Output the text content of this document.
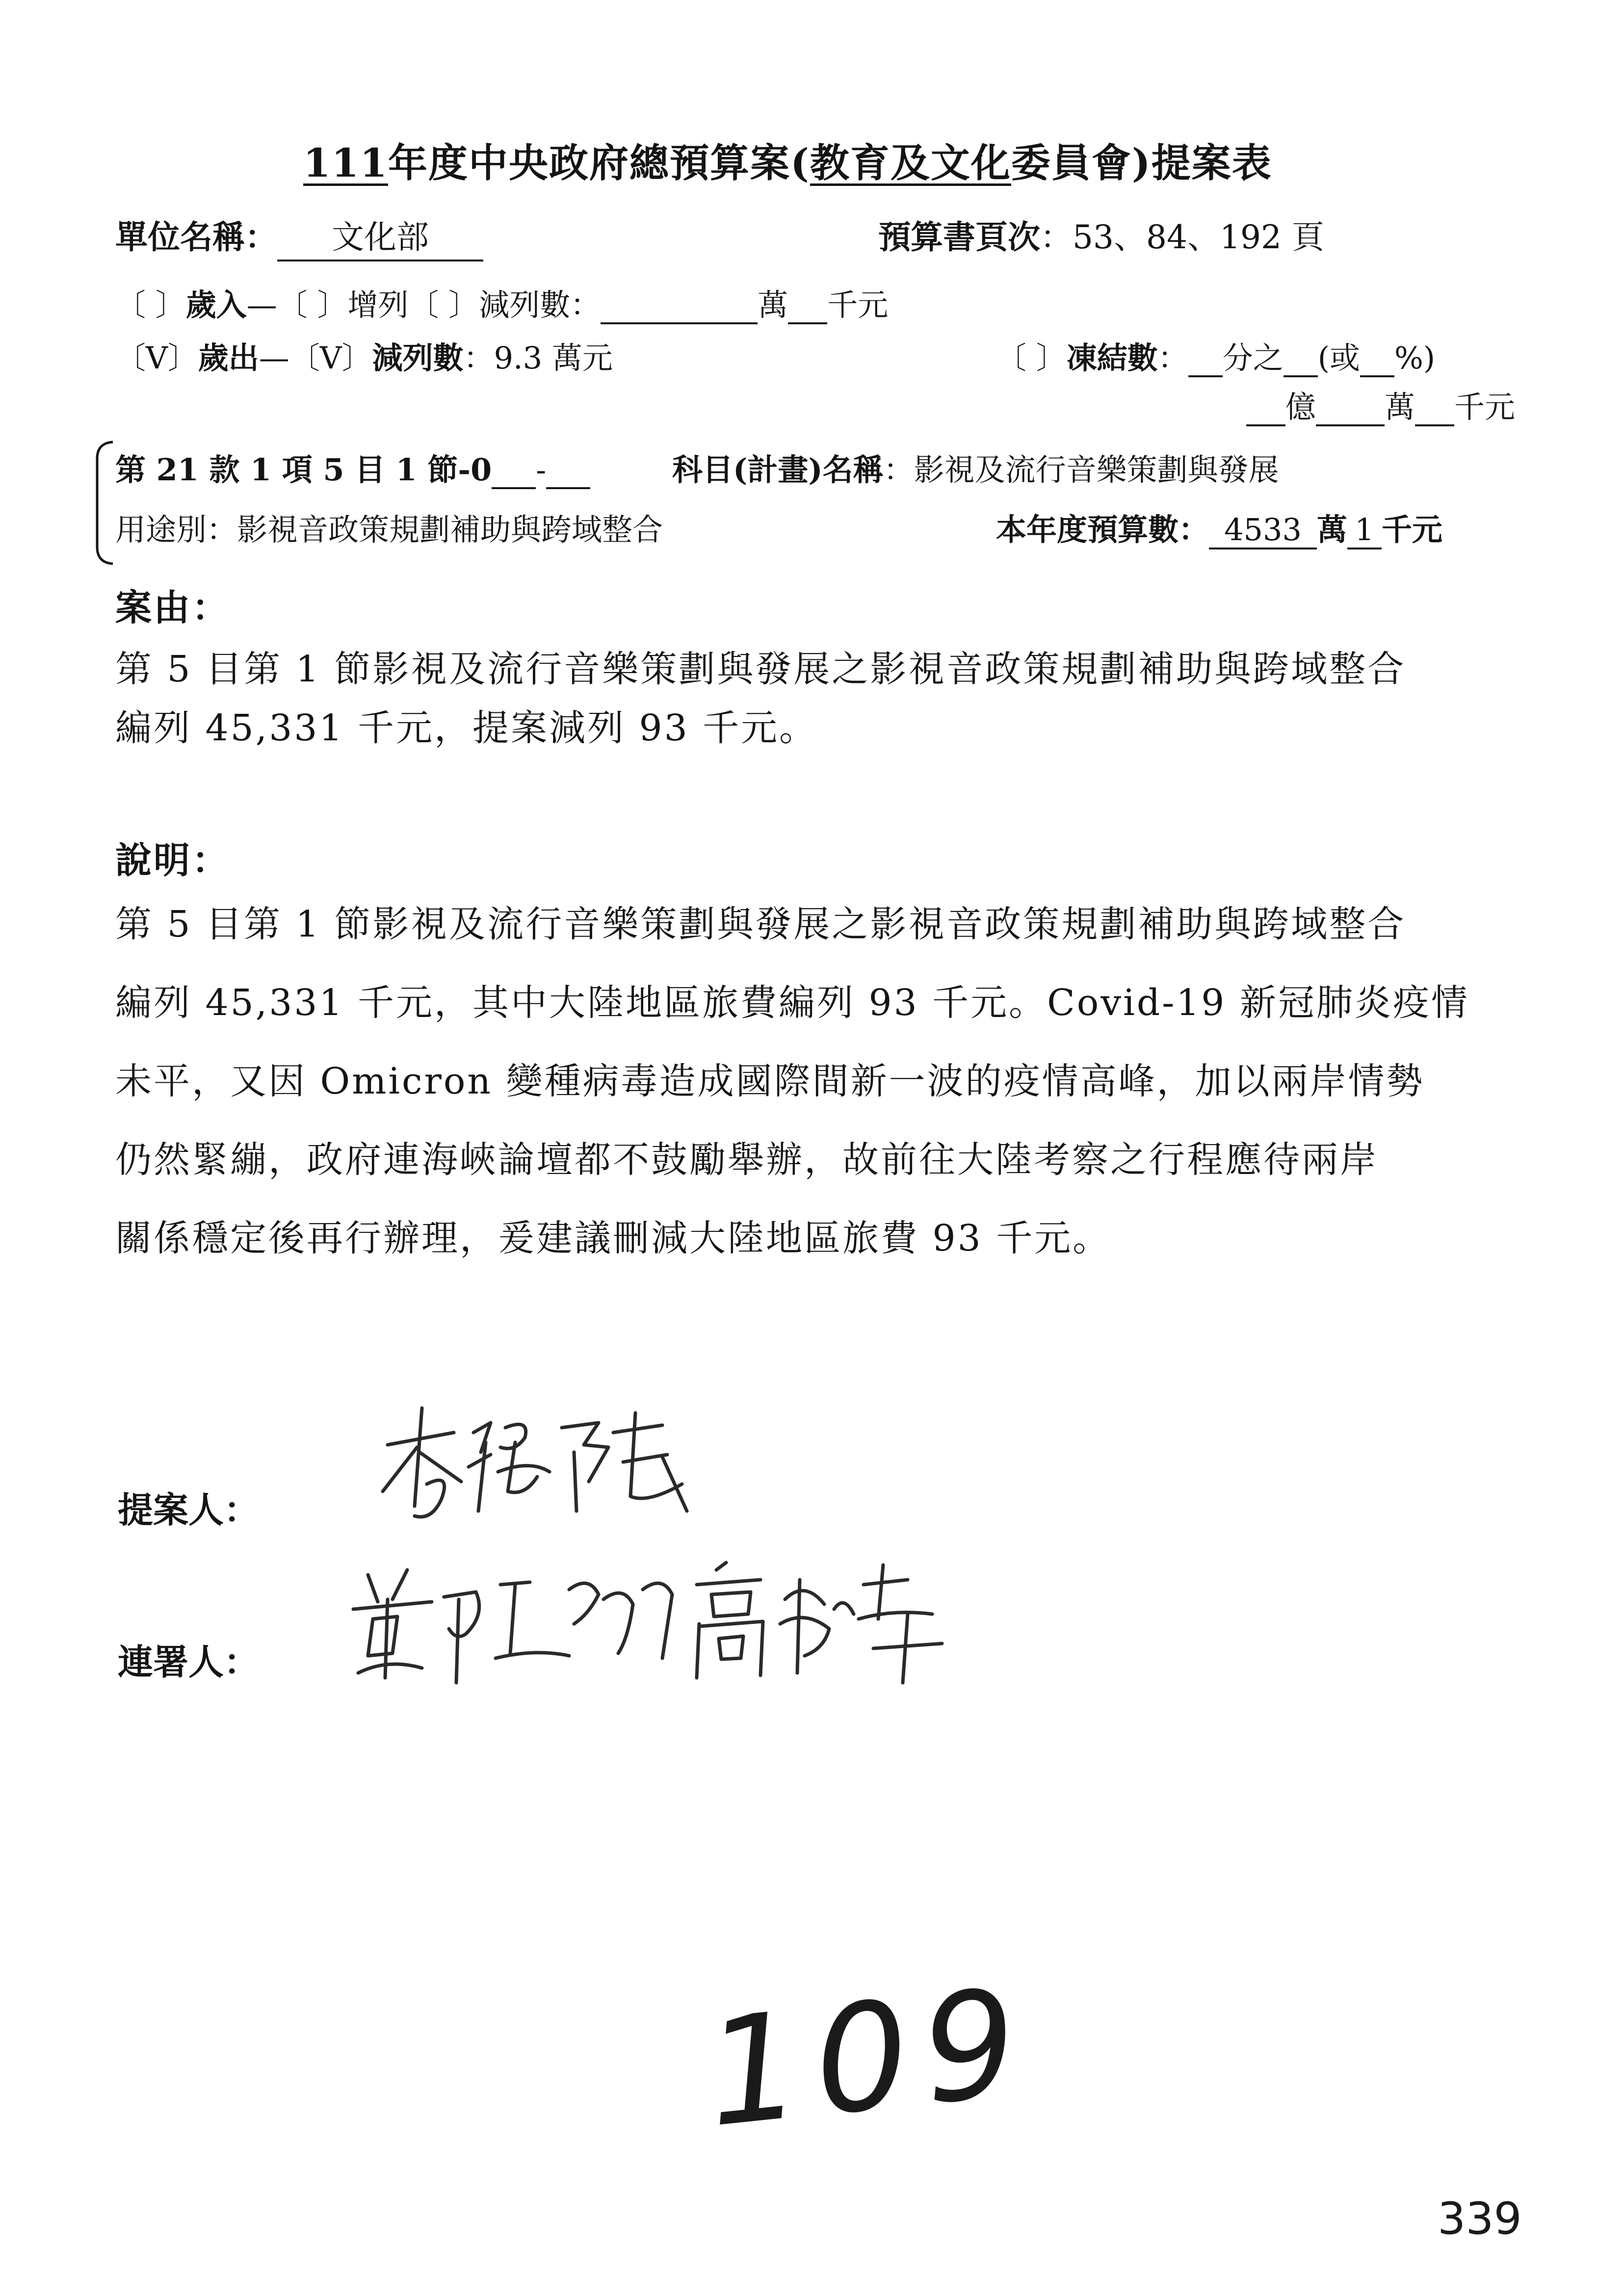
111年度中央政府總預算案(教育及文化委員會)提案表
單位名稱： 文化部	預算書頁次：53、84、192 頁
〔 〕歲入—〔 〕增列〔 〕減列數：	萬 千元
〔V〕歲出—〔V〕減列數：9.3 萬元	〔 〕凍結數： 分之 (或 %)
億 萬 千元
第 21 款 1 項 5 目 1 節-0 -	科目(計畫)名稱：影視及流行音樂策劃與發展
用途別：影視音政策規劃補助與跨域整合	本年度預算數： 4533 萬 1 千元
案由：
第 5 目第 1 節影視及流行音樂策劃與發展之影視音政策規劃補助與跨域整合
編列 45,331 千元，提案減列 93 千元。
說明：
第 5 目第 1 節影視及流行音樂策劃與發展之影視音政策規劃補助與跨域整合
編列 45,331 千元，其中大陸地區旅費編列 93 千元。Covid-19 新冠肺炎疫情
未平，又因 Omicron 變種病毒造成國際間新一波的疫情高峰，加以兩岸情勢
仍然緊繃，政府連海峽論壇都不鼓勵舉辦，故前往大陸考察之行程應待兩岸
關係穩定後再行辦理，爰建議刪減大陸地區旅費 93 千元。
提案人：
連署人：
109
339
